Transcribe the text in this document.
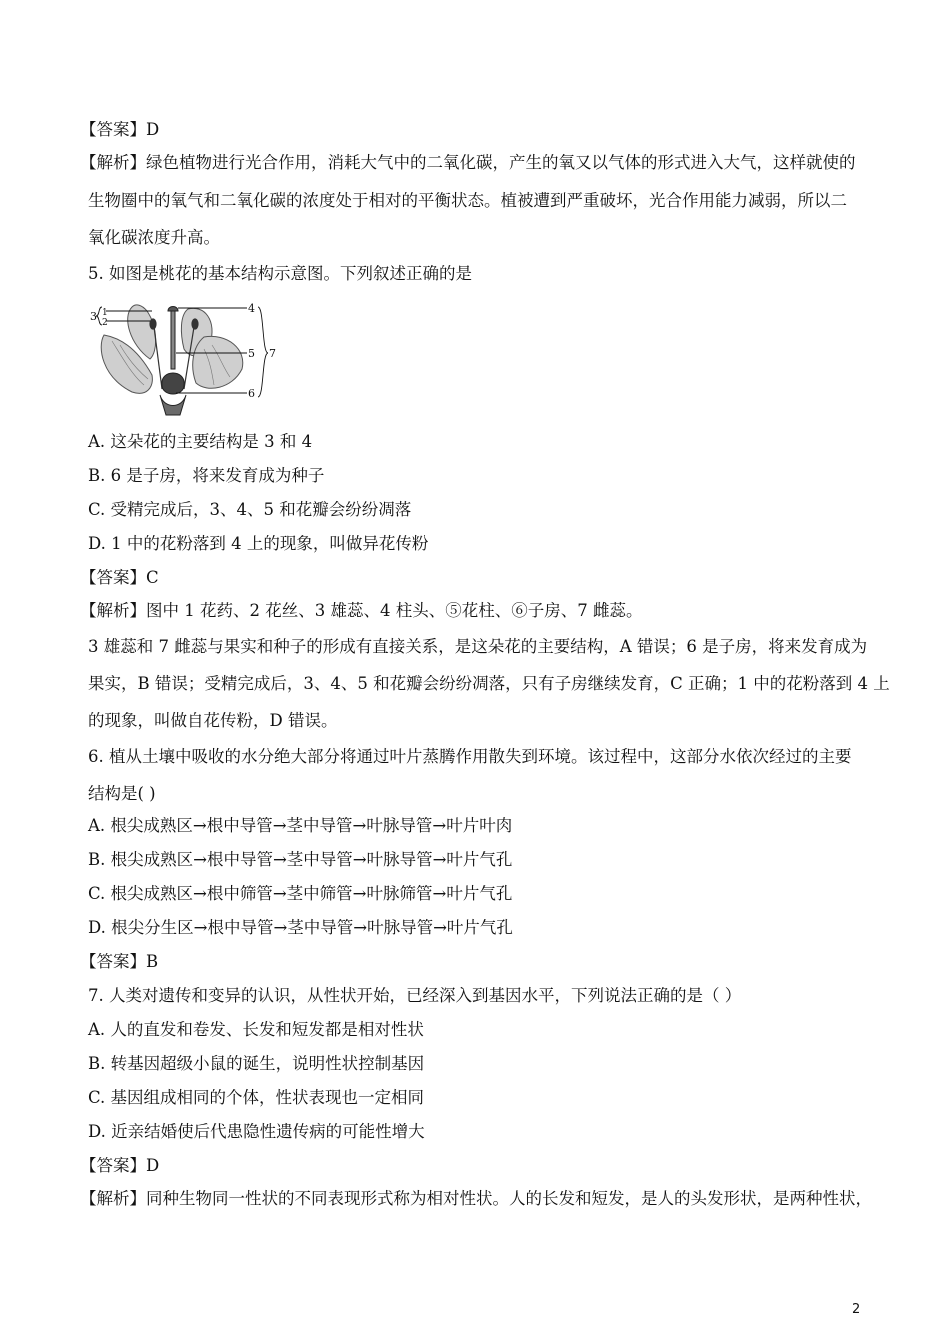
【答案】D
【解析】绿色植物进行光合作用，消耗大气中的二氧化碳，产生的氧又以气体的形式进入大气，这样就使的
生物圈中的氧气和二氧化碳的浓度处于相对的平衡状态。植被遭到严重破坏，光合作用能力减弱，所以二
氧化碳浓度升高。
5. 如图是桃花的基本结构示意图。下列叙述正确的是
3 1
2
4
5
6
7
A. 这朵花的主要结构是 3 和 4
B. 6 是子房，将来发育成为种子
C. 受精完成后，3、4、5 和花瓣会纷纷凋落
D. 1 中的花粉落到 4 上的现象，叫做异花传粉
【答案】C
【解析】图中 1 花药、2 花丝、3 雄蕊、4 柱头、⑤花柱、⑥子房、7 雌蕊。
3 雄蕊和 7 雌蕊与果实和种子的形成有直接关系，是这朵花的主要结构，A 错误；6 是子房，将来发育成为
果实，B 错误；受精完成后，3、4、5 和花瓣会纷纷凋落，只有子房继续发育，C 正确；1 中的花粉落到 4 上
的现象，叫做自花传粉，D 错误。
6. 植从土壤中吸收的水分绝大部分将通过叶片蒸腾作用散失到环境。该过程中，这部分水依次经过的主要
结构是( )
A. 根尖成熟区→根中导管→茎中导管→叶脉导管→叶片叶肉
B. 根尖成熟区→根中导管→茎中导管→叶脉导管→叶片气孔
C. 根尖成熟区→根中筛管→茎中筛管→叶脉筛管→叶片气孔
D. 根尖分生区→根中导管→茎中导管→叶脉导管→叶片气孔
【答案】B
7. 人类对遗传和变异的认识，从性状开始，已经深入到基因水平，下列说法正确的是（ ）
A. 人的直发和卷发、长发和短发都是相对性状
B. 转基因超级小鼠的诞生，说明性状控制基因
C. 基因组成相同的个体，性状表现也一定相同
D. 近亲结婚使后代患隐性遗传病的可能性增大
【答案】D
【解析】同种生物同一性状的不同表现形式称为相对性状。人的长发和短发，是人的头发形状，是两种性状，
2
